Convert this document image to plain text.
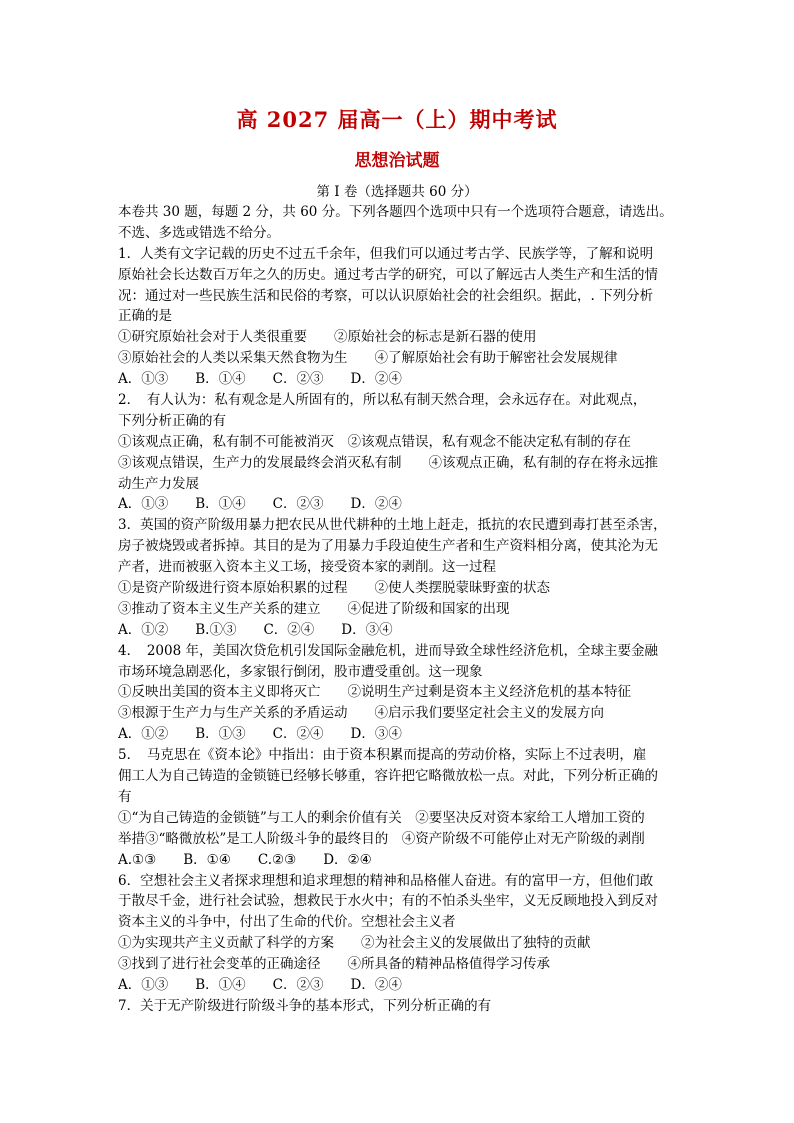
高 2027 届高一（上）期中考试
思想治试题
第 I 卷（选择题共 60 分）
本卷共 30 题，每题 2 分，共 60 分。下列各题四个选项中只有一个选项符合题意，请选出。
不选、多选或错选不给分。
1．人类有文字记载的历史不过五千余年，但我们可以通过考古学、民族学等，了解和说明
原始社会长达数百万年之久的历史。通过考古学的研究，可以了解远古人类生产和生活的情
况：通过对一些民族生活和民俗的考察，可以认识原始社会的社会组织。据此，. 下列分析
正确的是
①研究原始社会对于人类很重要　　②原始社会的标志是新石器的使用
③原始社会的人类以采集天然食物为生　　④了解原始社会有助于解密社会发展规律
A．①③　　B．①④　　C．②③　　D．②④
2．　有人认为：私有观念是人所固有的，所以私有制天然合理，会永远存在。对此观点，
下列分析正确的有
①该观点正确，私有制不可能被消灭　②该观点错误，私有观念不能决定私有制的存在
③该观点错误，生产力的发展最终会消灭私有制　　④该观点正确，私有制的存在将永远推
动生产力发展
A．①③　　B．①④　　C．②③　　D．②④
3．英国的资产阶级用暴力把农民从世代耕种的土地上赶走，抵抗的农民遭到毒打甚至杀害，
房子被烧毁或者拆掉。其目的是为了用暴力手段迫使生产者和生产资料相分离，使其沦为无
产者，进而被驱入资本主义工场，接受资本家的剥削。这一过程
①是资产阶级进行资本原始积累的过程　　②使人类摆脱蒙昧野蛮的状态
③推动了资本主义生产关系的建立　　④促进了阶级和国家的出现
A．①②　　B.①③　　C．②④　　D．③④
4．　2008 年，美国次贷危机引发国际金融危机，进而导致全球性经济危机，全球主要金融
市场环境急剧恶化，多家银行倒闭，股市遭受重创。这一现象
①反映出美国的资本主义即将灭亡　　②说明生产过剩是资本主义经济危机的基本特征
③根源于生产力与生产关系的矛盾运动　　④启示我们要坚定社会主义的发展方向
A．①②　　B．①③　　C．②④　　D．③④
5．　马克思在《资本论》中指出：由于资本积累而提高的劳动价格，实际上不过表明，雇
佣工人为自己铸造的金锁链已经够长够重，容许把它略微放松一点。对此，下列分析正确的
有
①“为自己铸造的金锁链”与工人的剩余价值有关　②要坚决反对资本家给工人增加工资的
举措③“略微放松”是工人阶级斗争的最终目的　④资产阶级不可能停止对无产阶级的剥削
A.①③　　B．①④　　C.②③　　D．②④
6．空想社会主义者探求理想和追求理想的精神和品格催人奋进。有的富甲一方，但他们敢
于散尽千金，进行社会试验，想救民于水火中；有的不怕杀头坐牢，义无反顾地投入到反对
资本主义的斗争中，付出了生命的代价。空想社会主义者
①为实现共产主义贡献了科学的方案　　②为社会主义的发展做出了独特的贡献
③找到了进行社会变革的正确途径　　④所具备的精神品格值得学习传承
A．①③　　B．①④　　C．②③　　D．②④
7．关于无产阶级进行阶级斗争的基本形式，下列分析正确的有
